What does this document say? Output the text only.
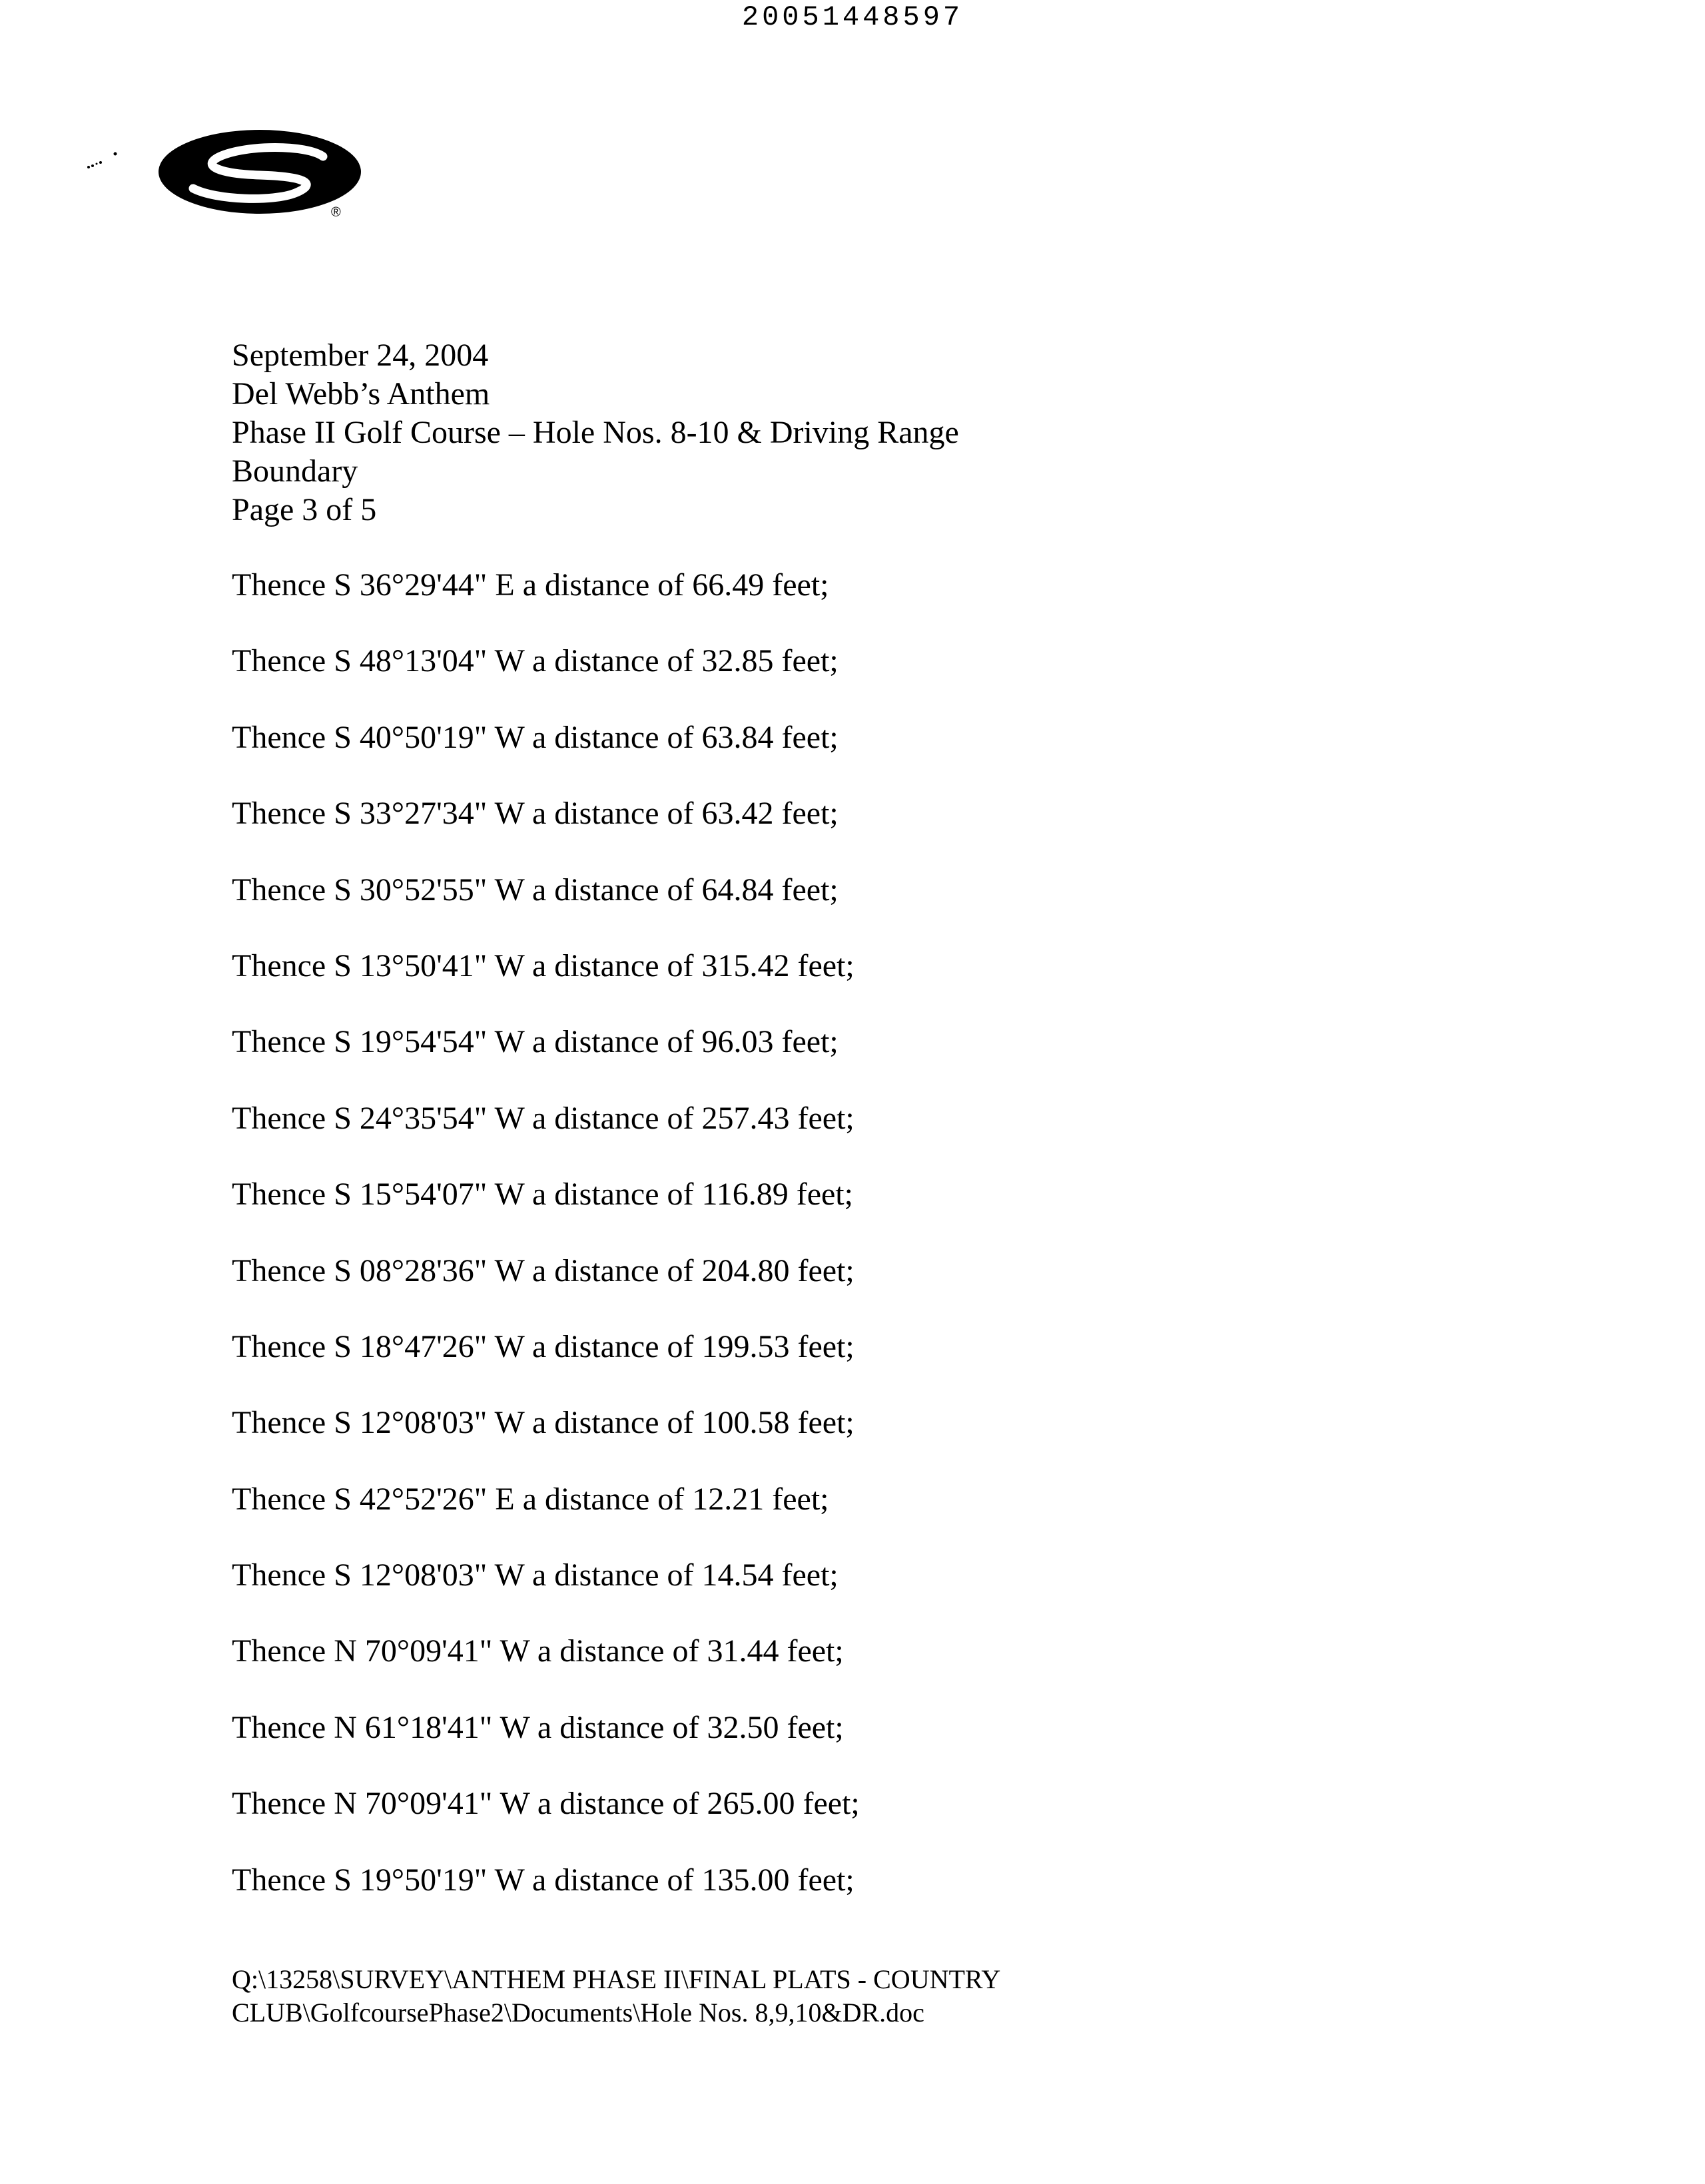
20051448597
®
September 24, 2004
Del Webb’s Anthem
Phase II Golf Course – Hole Nos. 8-10 & Driving Range
Boundary
Page 3 of 5
Thence S 36°29'44" E a distance of 66.49 feet;
Thence S 48°13'04" W a distance of 32.85 feet;
Thence S 40°50'19" W a distance of 63.84 feet;
Thence S 33°27'34" W a distance of 63.42 feet;
Thence S 30°52'55" W a distance of 64.84 feet;
Thence S 13°50'41" W a distance of 315.42 feet;
Thence S 19°54'54" W a distance of 96.03 feet;
Thence S 24°35'54" W a distance of 257.43 feet;
Thence S 15°54'07" W a distance of 116.89 feet;
Thence S 08°28'36" W a distance of 204.80 feet;
Thence S 18°47'26" W a distance of 199.53 feet;
Thence S 12°08'03" W a distance of 100.58 feet;
Thence S 42°52'26" E a distance of 12.21 feet;
Thence S 12°08'03" W a distance of 14.54 feet;
Thence N 70°09'41" W a distance of 31.44 feet;
Thence N 61°18'41" W a distance of 32.50 feet;
Thence N 70°09'41" W a distance of 265.00 feet;
Thence S 19°50'19" W a distance of 135.00 feet;
Q:\13258\SURVEY\ANTHEM PHASE II\FINAL PLATS - COUNTRY
CLUB\GolfcoursePhase2\Documents\Hole Nos. 8,9,10&DR.doc
